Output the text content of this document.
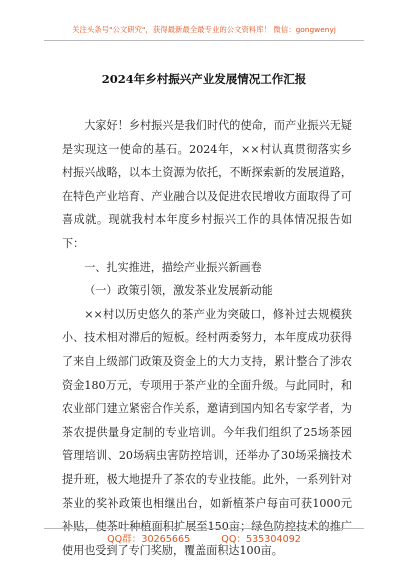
关注头条号"公文研究"，获得最新最全最专业的公文资料库！ 微信：gongwenyj
2024年乡村振兴产业发展情况工作汇报

大家好！乡村振兴是我们时代的使命，而产业振兴无疑是实现这一使命的基石。2024年，××村认真贯彻落实乡村振兴战略，以本土资源为依托，不断探索新的发展道路，在特色产业培育、产业融合以及促进农民增收方面取得了可喜成就。现就我村本年度乡村振兴工作的具体情况报告如下：

一、扎实推进，描绘产业振兴新画卷

（一）政策引领，激发茶业发展新动能

××村以历史悠久的茶产业为突破口，修补过去规模狭小、技术相对滞后的短板。经村两委努力，本年度成功获得了来自上级部门政策及资金上的大力支持，累计整合了涉农资金180万元，专项用于茶产业的全面升级。与此同时，和农业部门建立紧密合作关系，邀请到国内知名专家学者，为茶农提供量身定制的专业培训。今年我们组织了25场茶园管理培训、20场病虫害防控培训，还举办了30场采摘技术提升班，极大地提升了茶农的专业技能。此外，一系列针对茶业的奖补政策也相继出台，如新植茶户每亩可获1000元补贴，使茶叶种植面积扩展至150亩；绿色防控技术的推广使用也受到了专门奖励，覆盖面积达100亩。

QQ群：30265665	QQ：535304092
